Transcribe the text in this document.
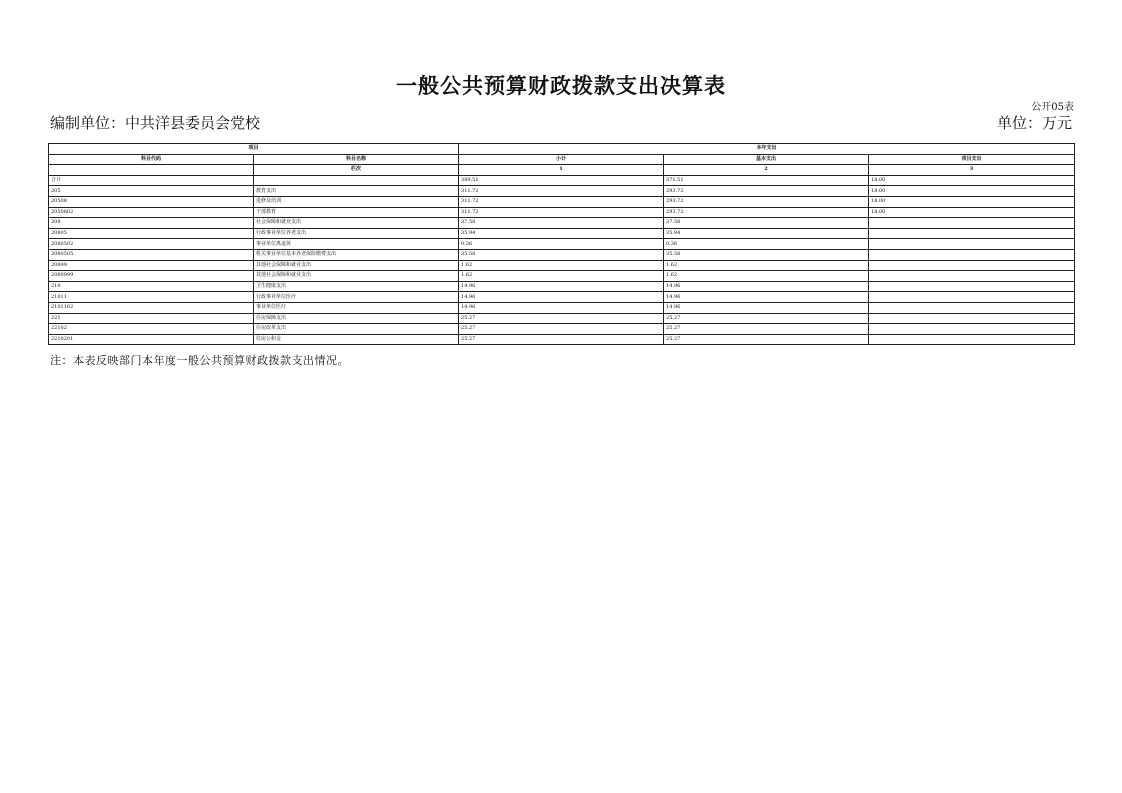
一般公共预算财政拨款支出决算表
公开05表
编制单位：中共洋县委员会党校	单位：万元
项目		本年支出		
科目代码	科目名称	小计	基本支出	项目支出
	栏次	1	2	3
合计		389.51	371.51	18.00
205	教育支出	311.72	293.72	18.00
20508	进修及培训	311.72	293.72	18.00
2050802	干部教育	311.72	293.72	18.00
208	社会保障和就业支出	37.58	37.58	
20805	行政事业单位养老支出	35.94	35.94	
2080502	事业单位离退休	0.36	0.36	
2080505	机关事业单位基本养老保险缴费支出	35.58	35.58	
20899	其他社会保障和就业支出	1.62	1.62	
2089999	其他社会保障和就业支出	1.62	1.62	
210	卫生健康支出	14.96	14.96	
21011	行政事业单位医疗	14.96	14.96	
2101102	事业单位医疗	14.96	14.96	
221	住房保障支出	25.27	25.27	
22102	住房改革支出	25.27	25.27	
2210201	住房公积金	25.27	25.27	
注：本表反映部门本年度一般公共预算财政拨款支出情况。
